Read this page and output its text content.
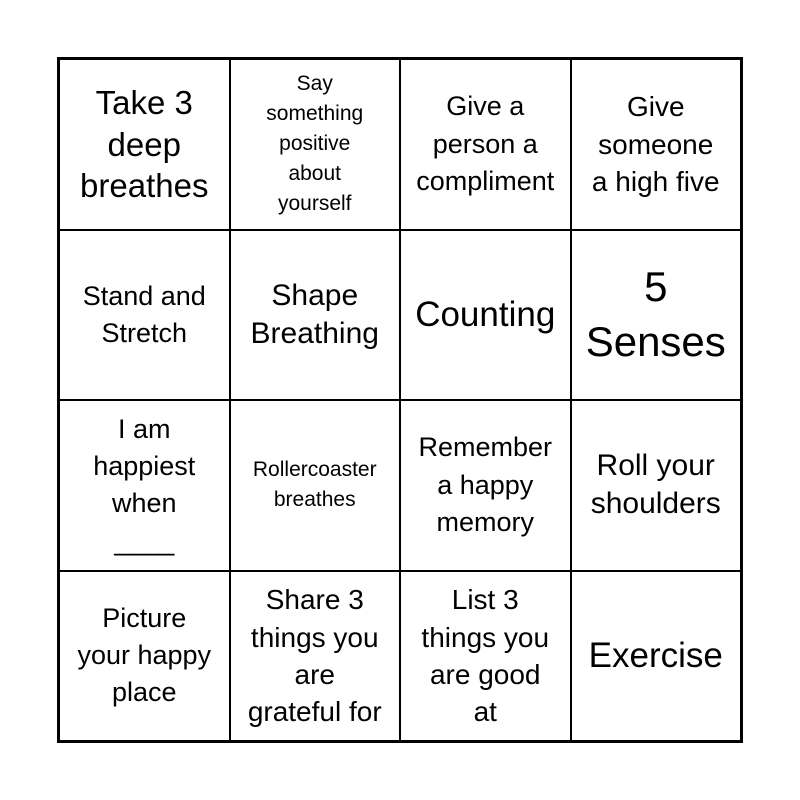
Take 3
deep
breathes
Say
something
positive
about
yourself
Give a
person a
compliment
Give
someone
a high five
Stand and
Stretch
Shape
Breathing Counting
5
Senses
I am
happiest
when
____
Rollercoaster
breathes
Remember
a happy
memory
Roll your
shoulders
Picture
your happy
place
Share 3
things you
are
grateful for
List 3
things you
are good
at
Exercise
